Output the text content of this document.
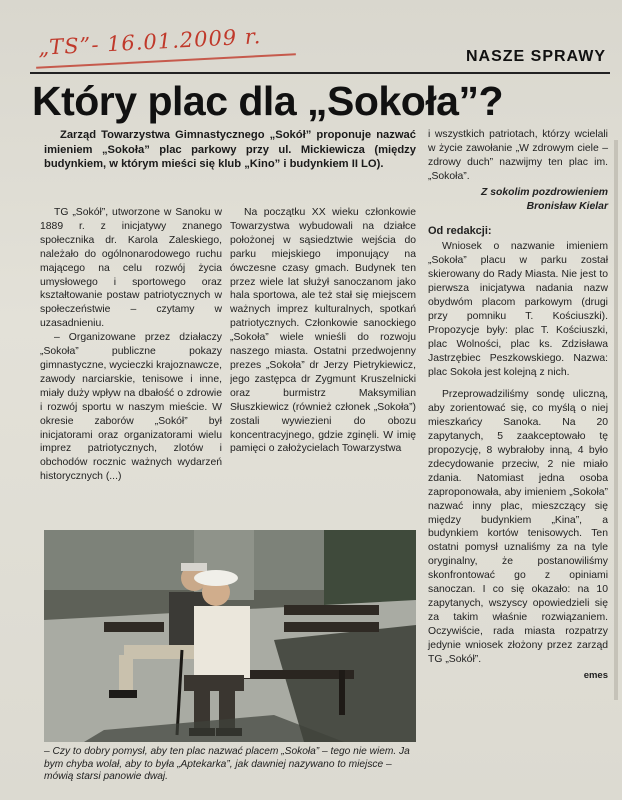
„TS”- 16.01.2009 r.	NASZE SPRAWY
Który plac dla „Sokoła”?
Zarząd Towarzystwa Gimnastycznego „Sokół” proponuje nazwać imieniem „Sokoła” plac parkowy przy ul. Mickiewicza (między budynkiem, w którym mieści się klub „Kino” i budynkiem II LO).

TG „Sokół”, utworzone w Sanoku w 1889 r. z inicjatywy znanego społecznika dr. Karola Zaleskiego, należało do ogólnonarodowego ruchu mającego na celu rozwój życia umysłowego i sportowego oraz kształtowanie postaw patriotycznych w społeczeństwie – czytamy w uzasadnieniu.

– Organizowane przez działaczy „Sokoła” publiczne pokazy gimnastyczne, wycieczki krajoznawcze, zawody narciarskie, tenisowe i inne, miały duży wpływ na dbałość o zdrowie i rozwój sportu w naszym mieście. W okresie zaborów „Sokół” był inicjatorami oraz organizatorami wielu imprez patriotycznych, zlotów i obchodów rocznic ważnych wydarzeń historycznych (...)

Na początku XX wieku członkowie Towarzystwa wybudowali na działce położonej w sąsiedztwie wejścia do parku miejskiego imponujący na ówczesne czasy gmach. Budynek ten przez wiele lat służył sanoczanom jako hala sportowa, ale też stał się miejscem ważnych imprez kulturalnych, spotkań patriotycznych. Członkowie sanockiego „Sokoła” wiele wnieśli do rozwoju naszego miasta. Ostatni przedwojenny prezes „Sokoła” dr Jerzy Pietrykiewicz, jego zastępca dr Zygmunt Kruszelnicki oraz burmistrz Maksymilian Słuszkiewicz (również członek „Sokoła”) zostali wywiezieni do obozu koncentracyjnego, gdzie zginęli. W imię pamięci o założycielach Towarzystwa

i wszystkich patriotach, którzy wcielali w życie zawołanie „W zdrowym ciele – zdrowy duch” nazwijmy ten plac im. „Sokoła”.
Z sokolim pozdrowieniem
Bronisław Kielar
Od redakcji:

Wniosek o nazwanie imieniem „Sokoła” placu w parku został skierowany do Rady Miasta. Nie jest to pierwsza inicjatywa nadania nazw obydwóm placom parkowym (drugi przy pomniku T. Kościuszki). Propozycje były: plac T. Kościuszki, plac Wolności, plac ks. Zdzisława Jastrzębiec Peszkowskiego. Nazwa: plac Sokoła jest kolejną z nich.

Przeprowadziliśmy sondę uliczną, aby zorientować się, co myślą o niej mieszkańcy Sanoka. Na 20 zapytanych, 5 zaakceptowało tę propozycję, 8 wybrałoby inną, 4 było zdecydowanie przeciw, 2 nie miało zdania. Natomiast jedna osoba zaproponowała, aby imieniem „Sokoła” nazwać inny plac, mieszczący się między budynkiem „Kina”, a budynkiem kortów tenisowych. Ten ostatni pomysł uznaliśmy za na tyle oryginalny, że postanowiliśmy skonfrontować go z opiniami sanoczan. I co się okazało: na 10 zapytanych, wszyscy opowiedzieli się za takim właśnie rozwiązaniem. Oczywiście, rada miasta rozpatrzy jedynie wniosek złożony przez zarząd TG „Sokół”.

emes
– Czy to dobry pomysł, aby ten plac nazwać placem „Sokoła” – tego nie wiem. Ja bym chyba wolał, aby to była „Aptekarka”, jak dawniej nazywano to miejsce – mówią starsi panowie dwaj.
